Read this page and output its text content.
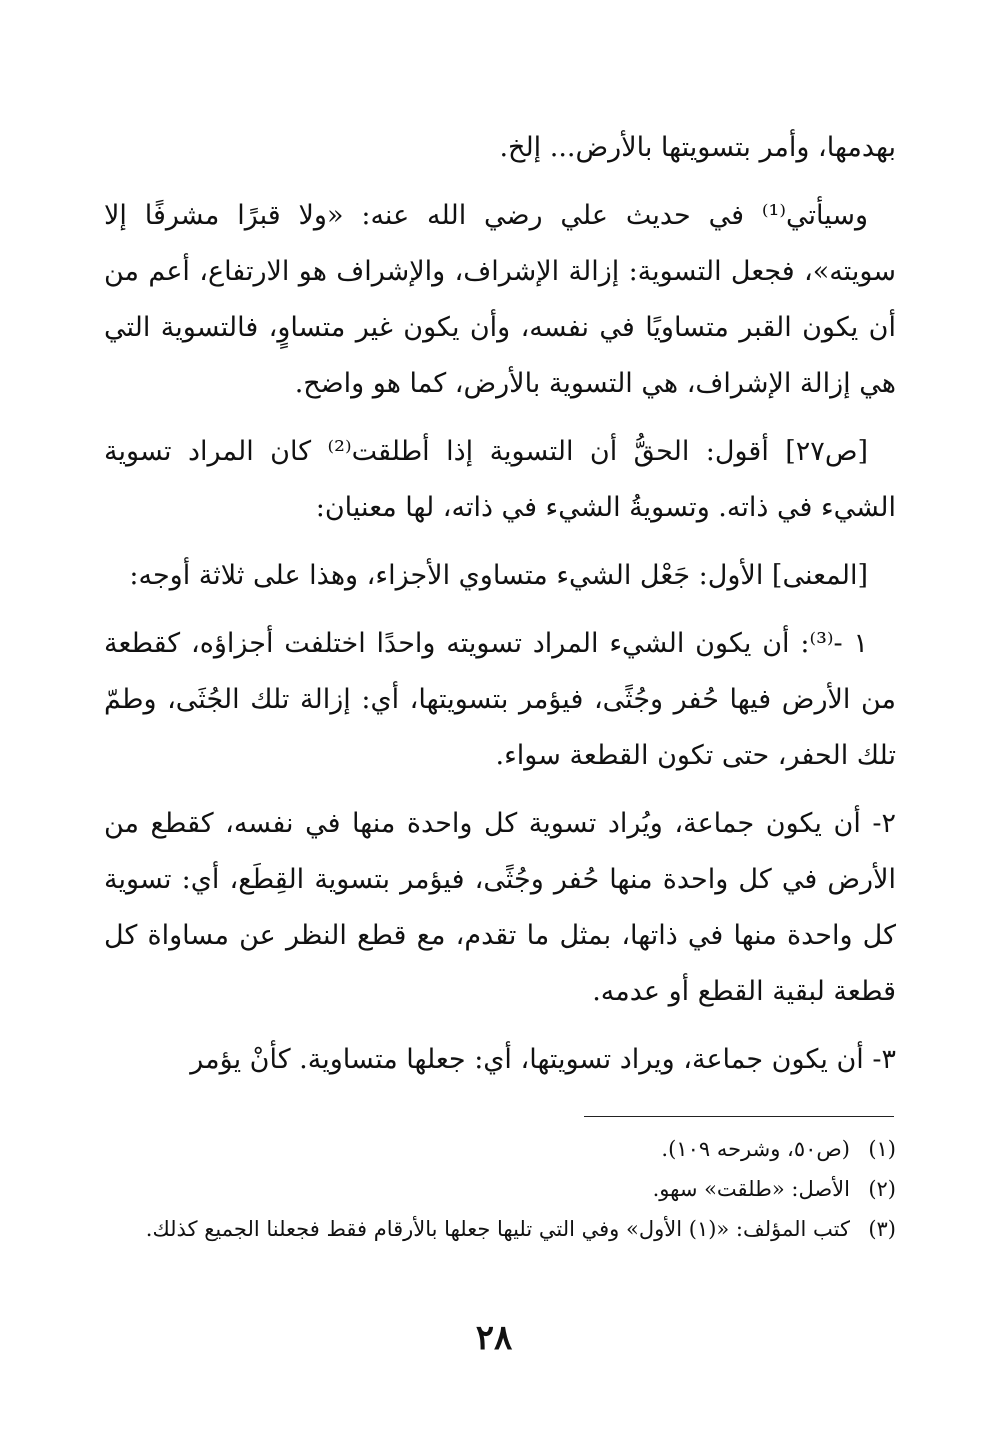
بهدمها، وأمر بتسويتها بالأرض... إلخ.

وسيأتي⁽¹⁾ في حديث علي رضي الله عنه: «ولا قبرًا مشرفًا إلا سويته»، فجعل التسوية: إزالة الإشراف، والإشراف هو الارتفاع، أعم من أن يكون القبر متساويًا في نفسه، وأن يكون غير متساوٍ، فالتسوية التي هي إزالة الإشراف، هي التسوية بالأرض، كما هو واضح.

[ص٢٧] أقول: الحقُّ أن التسوية إذا أطلقت⁽²⁾ كان المراد تسوية الشيء في ذاته. وتسويةُ الشيء في ذاته، لها معنيان:

[المعنى] الأول: جَعْل الشيء متساوي الأجزاء، وهذا على ثلاثة أوجه:

١ -⁽³⁾: أن يكون الشيء المراد تسويته واحدًا اختلفت أجزاؤه، كقطعة من الأرض فيها حُفر وجُثًى، فيؤمر بتسويتها، أي: إزالة تلك الجُثَى، وطمّ تلك الحفر، حتى تكون القطعة سواء.

٢- أن يكون جماعة، ويُراد تسوية كل واحدة منها في نفسه، كقطع من الأرض في كل واحدة منها حُفر وجُثًى، فيؤمر بتسوية القِطَع، أي: تسوية كل واحدة منها في ذاتها، بمثل ما تقدم، مع قطع النظر عن مساواة كل قطعة لبقية القطع أو عدمه.

٣- أن يكون جماعة، ويراد تسويتها، أي: جعلها متساوية. كأنْ يؤمر

(١)
(ص٥٠، وشرحه ١٠٩).
(٢)
الأصل: «طلقت» سهو.
(٣)
كتب المؤلف: «(١) الأول» وفي التي تليها جعلها بالأرقام فقط فجعلنا الجميع كذلك.
٢٨
